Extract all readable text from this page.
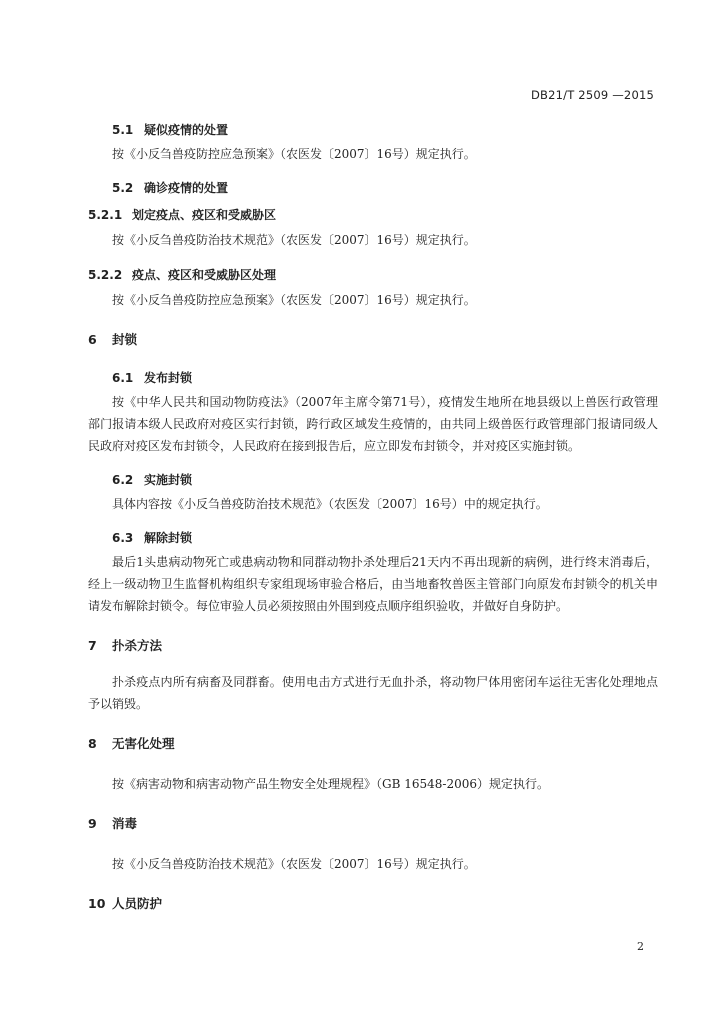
DB21/T 2509 —2015
5.1 疑似疫情的处置

按《小反刍兽疫防控应急预案》（农医发〔2007〕16号）规定执行。

5.2 确诊疫情的处置
5.2.1 划定疫点、疫区和受威胁区

按《小反刍兽疫防治技术规范》（农医发〔2007〕16号）规定执行。

5.2.2 疫点、疫区和受威胁区处理

按《小反刍兽疫防控应急预案》（农医发〔2007〕16号）规定执行。

6 封锁
6.1 发布封锁

按《中华人民共和国动物防疫法》（2007年主席令第71号），疫情发生地所在地县级以上兽医行政管理部门报请本级人民政府对疫区实行封锁，跨行政区域发生疫情的，由共同上级兽医行政管理部门报请同级人民政府对疫区发布封锁令，人民政府在接到报告后，应立即发布封锁令，并对疫区实施封锁。

6.2 实施封锁

具体内容按《小反刍兽疫防治技术规范》（农医发〔2007〕16号）中的规定执行。

6.3 解除封锁

最后1头患病动物死亡或患病动物和同群动物扑杀处理后21天内不再出现新的病例，进行终末消毒后，经上一级动物卫生监督机构组织专家组现场审验合格后，由当地畜牧兽医主管部门向原发布封锁令的机关申请发布解除封锁令。每位审验人员必须按照由外围到疫点顺序组织验收，并做好自身防护。

7 扑杀方法

扑杀疫点内所有病畜及同群畜。使用电击方式进行无血扑杀，将动物尸体用密闭车运往无害化处理地点予以销毁。

8 无害化处理

按《病害动物和病害动物产品生物安全处理规程》（GB 16548-2006）规定执行。

9 消毒

按《小反刍兽疫防治技术规范》（农医发〔2007〕16号）规定执行。

10 人员防护
2
